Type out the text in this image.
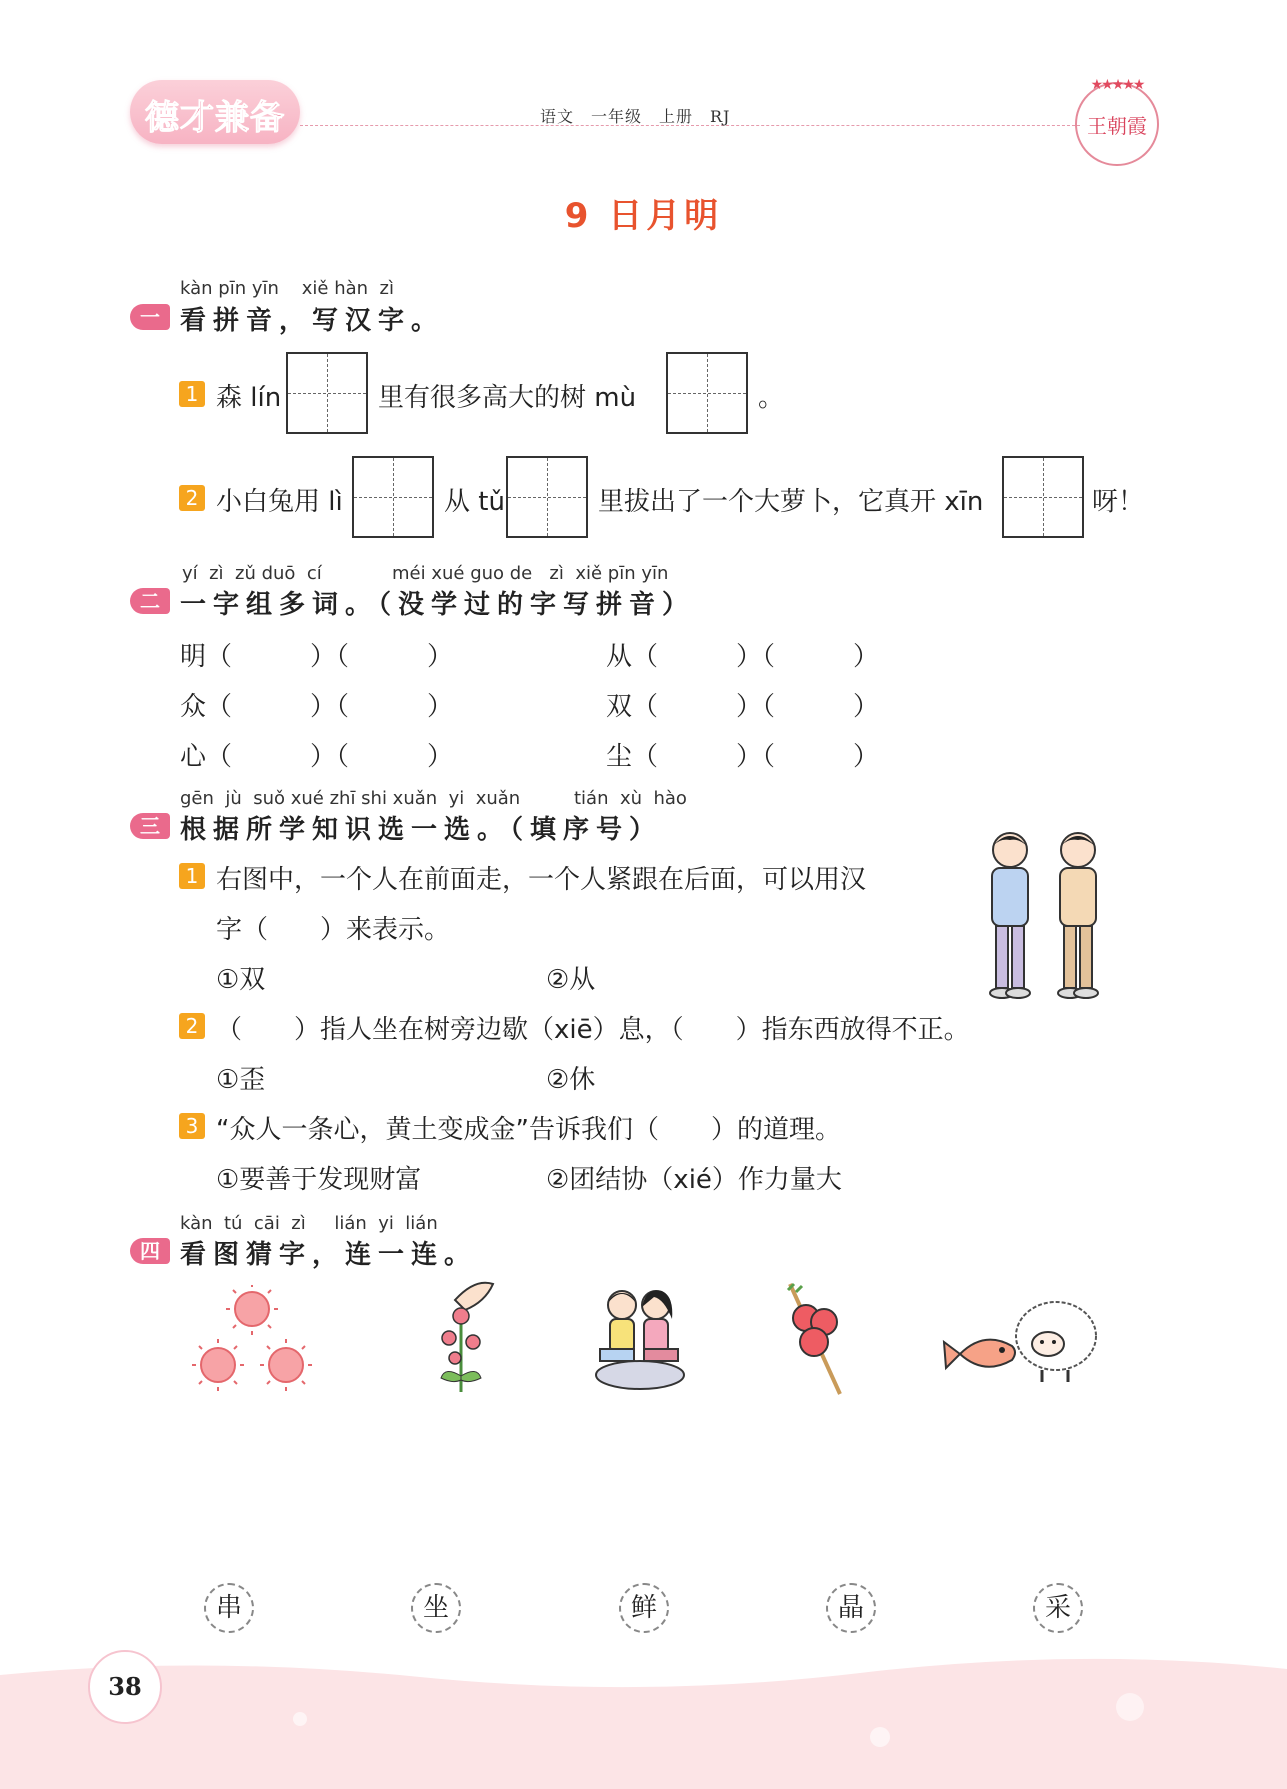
德才兼备	语文　一年级　上册　RJ
★★★★★
王朝霞
9 日月明
kàn pīn yīn    xiě hàn  zì
一 看拼音，写汉字。
1 森 lín	里有很多高大的树 mù	。
2 小白兔用 lì	从 tǔ	里拔出了一个大萝卜，它真开 xīn	呀！
yí  zì  zǔ duō  cí	méi xué guo de   zì  xiě pīn yīn
二 一字组多词。（没学过的字写拼音）
明（　　　）（　　　）	从（　　　）（　　　）
众（　　　）（　　　）	双（　　　）（　　　）
心（　　　）（　　　）	尘（　　　）（　　　）
gēn  jù  suǒ xué zhī shi xuǎn  yi  xuǎn	tián  xù  hào
三 根据所学知识选一选。（填序号）
1 右图中，一个人在前面走，一个人紧跟在后面，可以用汉
字（　　）来表示。
①双	②从
2 （　　）指人坐在树旁边歇（xiē）息，（　　）指东西放得不正。
①歪	②休
3 “众人一条心，黄土变成金”告诉我们（　　）的道理。
①要善于发现财富	②团结协（xié）作力量大
kàn  tú  cāi  zì     lián  yi  lián
四 看图猜字，连一连。
串	坐	鲜	晶	采
38
